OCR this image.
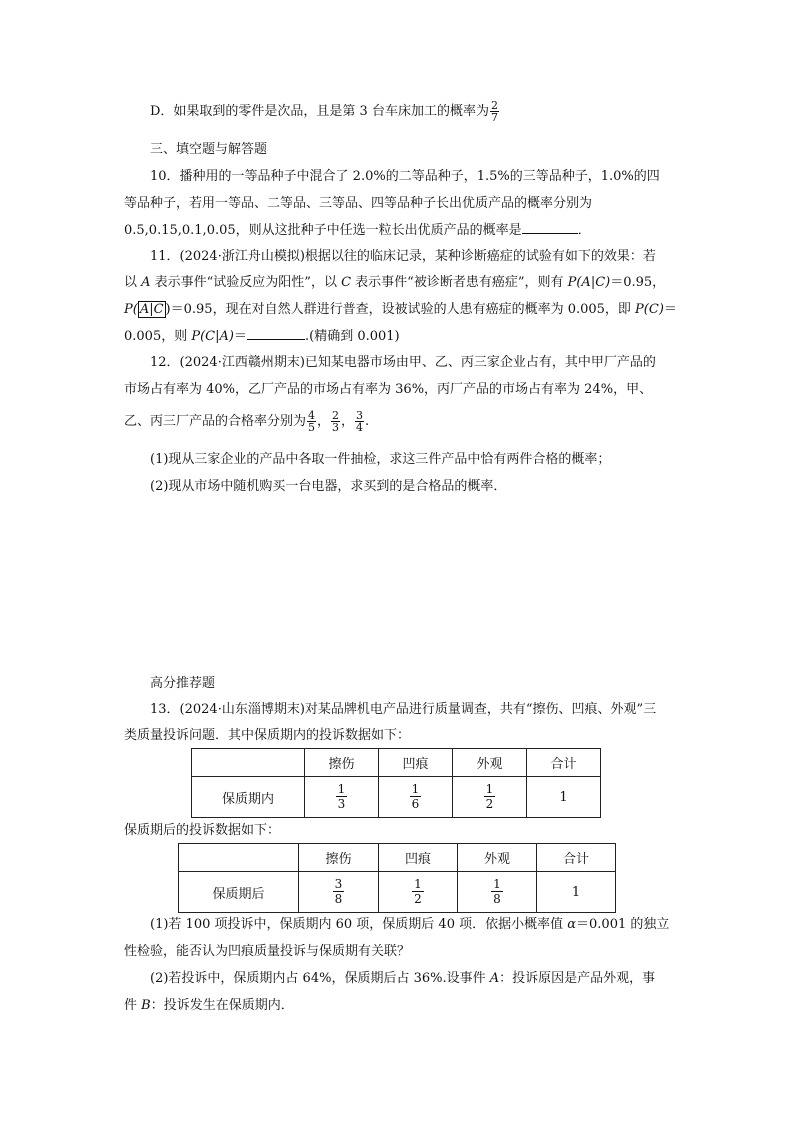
D．如果取到的零件是次品，且是第 3 台车床加工的概率为 $\frac{2}{7}$
三、填空题与解答题
10．播种用的一等品种子中混合了 2.0%的二等品种子，1.5%的三等品种子，1.0%的四
等品种子，若用一等品、二等品、三等品、四等品种子长出优质产品的概率分别为
0.5,0.15,0.1,0.05，则从这批种子中任选一粒长出优质产品的概率是	．
11．(2024·浙江舟山模拟)根据以往的临床记录，某种诊断癌症的试验有如下的效果：若
以 A 表示事件“试验反应为阳性”，以 C 表示事件“被诊断者患有癌症”，则有 P(A|C)＝0.95，
P( A|C )＝0.95，现在对自然人群进行普查，设被试验的人患有癌症的概率为 0.005，即 P(C)＝
0.005，则 P(C|A)＝	.(精确到 0.001)
12．(2024·江西赣州期末)已知某电器市场由甲、乙、丙三家企业占有，其中甲厂产品的
市场占有率为 40%，乙厂产品的市场占有率为 36%，丙厂产品的市场占有率为 24%，甲、
乙、丙三厂产品的合格率分别为 $\frac{4}{5}$ ， $\frac{2}{3}$ ， $\frac{3}{4}$ .
(1)现从三家企业的产品中各取一件抽检，求这三件产品中恰有两件合格的概率；
(2)现从市场中随机购买一台电器，求买到的是合格品的概率．
高分推荐题
13．(2024·山东淄博期末)对某品牌机电产品进行质量调查，共有“擦伤、凹痕、外观”三
类质量投诉问题．其中保质期内的投诉数据如下：
	擦伤	凹痕	外观	合计
保质期内	$\frac{1}{3}$	$\frac{1}{6}$	$\frac{1}{2}$	1
保质期后的投诉数据如下：
	擦伤	凹痕	外观	合计
保质期后	$\frac{3}{8}$	$\frac{1}{2}$	$\frac{1}{8}$	1
(1)若 100 项投诉中，保质期内 60 项，保质期后 40 项．依据小概率值 α＝0.001 的独立
性检验，能否认为凹痕质量投诉与保质期有关联？
(2)若投诉中，保质期内占 64%，保质期后占 36%.设事件 A：投诉原因是产品外观，事
件 B：投诉发生在保质期内．
